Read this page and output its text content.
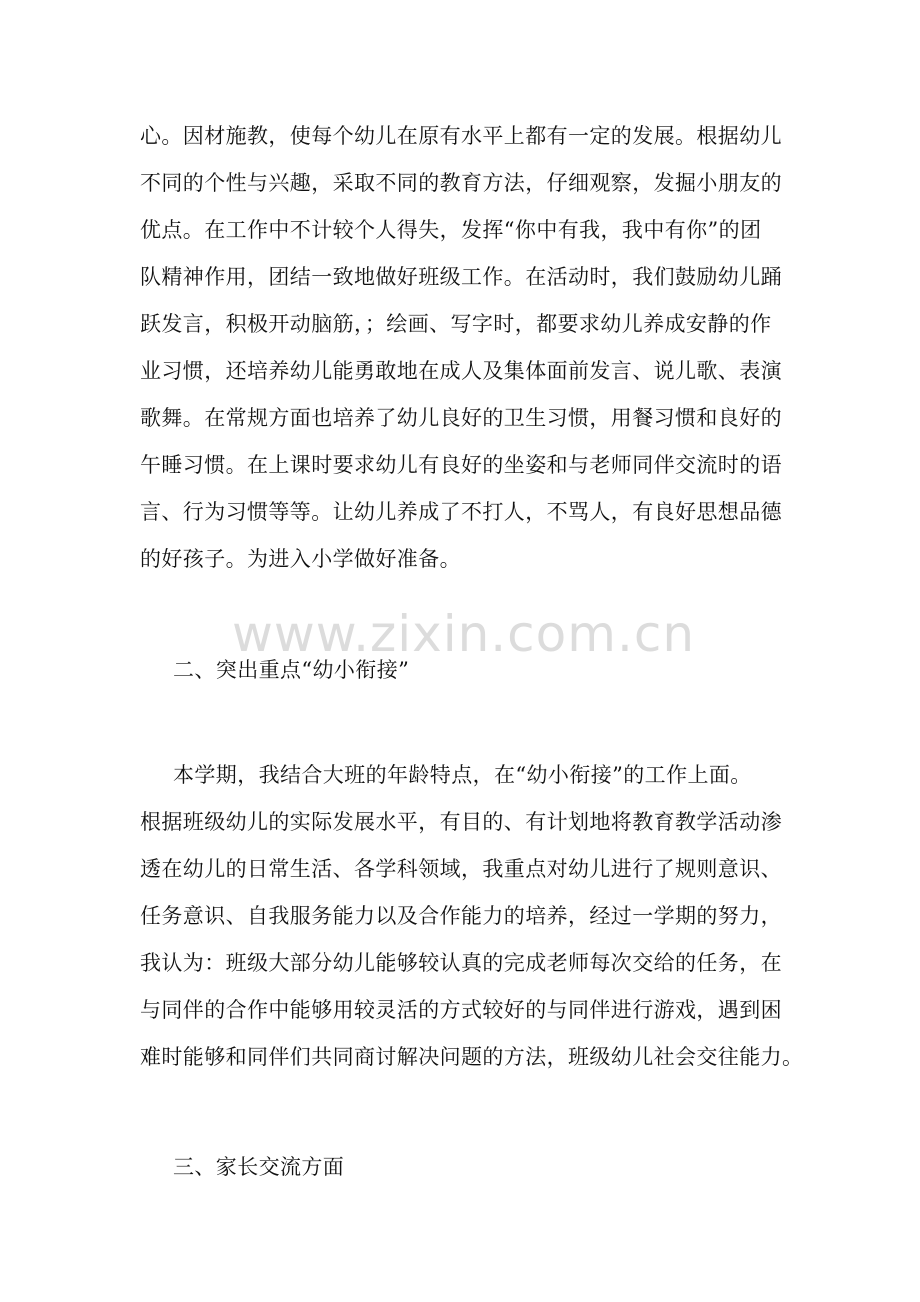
www.zixin.com.cn
心。因材施教，使每个幼儿在原有水平上都有一定的发展。根据幼儿
不同的个性与兴趣，采取不同的教育方法，仔细观察，发掘小朋友的
优点。在工作中不计较个人得失，发挥“你中有我，我中有你”的团
队精神作用，团结一致地做好班级工作。在活动时，我们鼓励幼儿踊
跃发言，积极开动脑筋，；绘画、写字时，都要求幼儿养成安静的作
业习惯，还培养幼儿能勇敢地在成人及集体面前发言、说儿歌、表演
歌舞。在常规方面也培养了幼儿良好的卫生习惯，用餐习惯和良好的
午睡习惯。在上课时要求幼儿有良好的坐姿和与老师同伴交流时的语
言、行为习惯等等。让幼儿养成了不打人，不骂人，有良好思想品德
的好孩子。为进入小学做好准备。
二、突出重点“幼小衔接”
本学期，我结合大班的年龄特点，在“幼小衔接”的工作上面。
根据班级幼儿的实际发展水平，有目的、有计划地将教育教学活动渗
透在幼儿的日常生活、各学科领域，我重点对幼儿进行了规则意识、
任务意识、自我服务能力以及合作能力的培养，经过一学期的努力，
我认为：班级大部分幼儿能够较认真的完成老师每次交给的任务，在
与同伴的合作中能够用较灵活的方式较好的与同伴进行游戏，遇到困
难时能够和同伴们共同商讨解决问题的方法，班级幼儿社会交往能力。
三、家长交流方面
